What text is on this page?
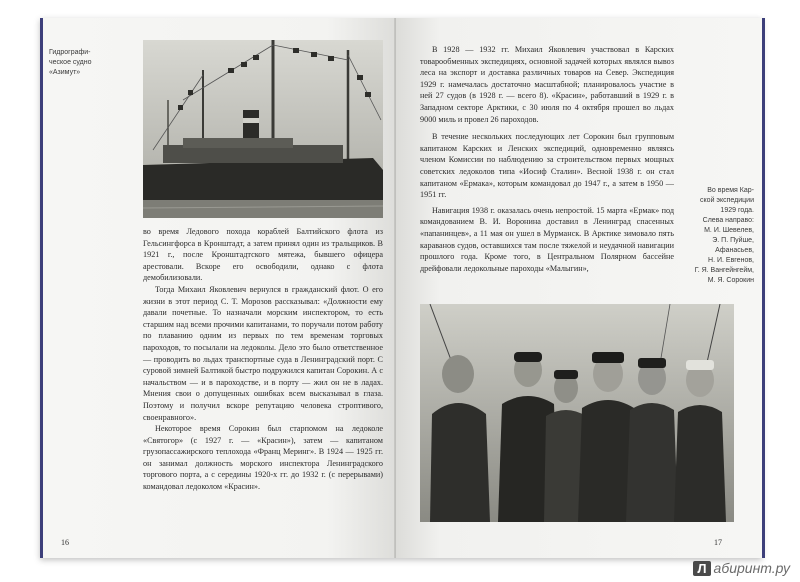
Гидрографи-
ческое судно
«Азимут»

во время Ледового похода кораблей Балтийского флота из Гельсингфорса в Кронштадт, а затем принял один из тральщиков. В 1921 г., после Кронштадтского мятежа, бывшего офицера арестовали. Вскоре его освободили, однако с флота демобилизовали.

Тогда Михаил Яковлевич вернулся в гражданский флот. О его жизни в этот период С. Т. Морозов рассказывал: «Должности ему давали почетные. То назначали морским инспектором, то есть старшим над всеми прочими капитанами, то поручали потом работу по плаванию одним из первых по тем временам торговых пароходов, то посылали на ледоколы. Дело это было ответственное — проводить во льдах транспортные суда в Ленинградский порт. С суровой зимней Балтикой быстро подружился капитан Сорокин. А с начальством — и в пароходстве, и в порту — жил он не в ладах. Мнения свои о допущенных ошибках всем высказывал в глаза. Поэтому и получил вскоре репутацию человека строптивого, своенравного».

Некоторое время Сорокин был старпомом на ледоколе «Святогор» (с 1927 г. — «Красин»), затем — капитаном грузопассажирского теплохода «Франц Меринг». В 1924 — 1925 гг. он занимал должность морского инспектора Ленинградского торгового порта, а с середины 1920-х гг. до 1932 г. (с перерывами) командовал ледоколом «Красин».

16

В 1928 — 1932 гг. Михаил Яковлевич участвовал в Карских товарообменных экспедициях, основной задачей которых являлся вывоз леса на экспорт и доставка различных товаров на Север. Экспедиция 1929 г. намечалась достаточно масштабной; планировалось участие в ней 27 судов (в 1928 г. — всего 8). «Красин», работавший в 1929 г. в Западном секторе Арктики, с 30 июля по 4 октября прошел во льдах 9000 миль и провел 26 пароходов.

В течение нескольких последующих лет Сорокин был групповым капитаном Карских и Ленских экспедиций, одновременно являясь членом Комиссии по наблюдению за строительством первых мощных советских ледоколов типа «Иосиф Сталин». Весной 1938 г. он стал капитаном «Ермака», которым командовал до 1947 г., а затем в 1950 — 1951 гг.

Навигация 1938 г. оказалась очень непростой. 15 марта «Ермак» под командованием В. И. Воронина доставил в Ленинград спасенных «папанинцев», а 11 мая он ушел в Мурманск. В Арктике зимовало пять караванов судов, оставшихся там после тяжелой и неудачной навигации прошлого года. Кроме того, в Центральном Полярном бассейне дрейфовали ледокольные пароходы «Малыгин»,

Во время Кар-
ской экспедиции
1929 года.
Слева направо:
М. И. Шевелев,
Э. П. Пуйше,
Афанасьев,
Н. И. Евгенов,
Г. Я. Вангейнгейм,
М. Я. Сорокин
17
Л абиринт.ру
